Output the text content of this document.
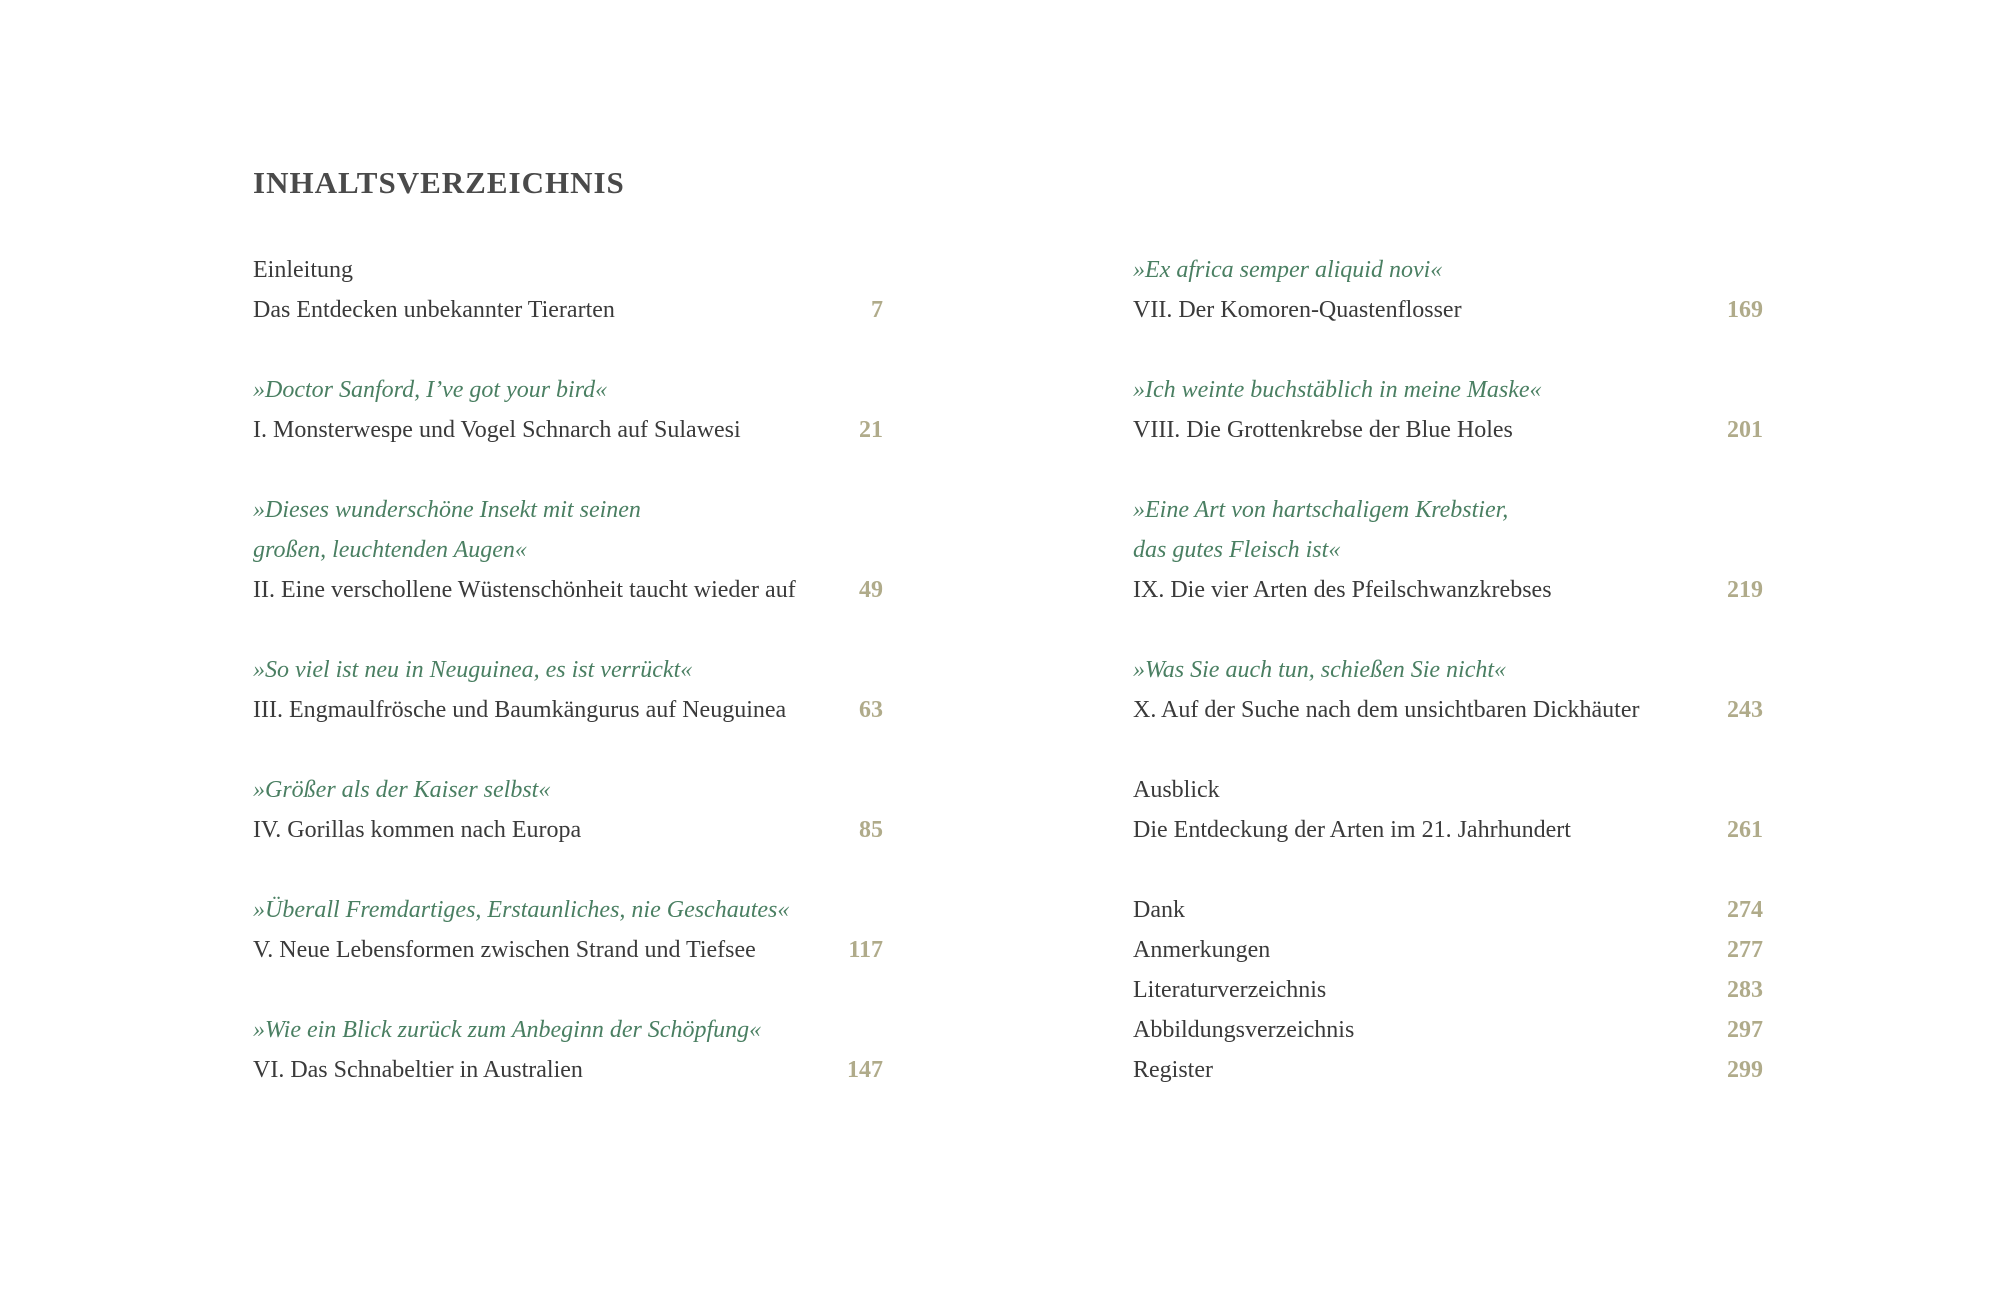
INHALTSVERZEICHNIS
Einleitung
Das Entdecken unbekannter Tierarten	7
»Doctor Sanford, I’ve got your bird«
I. Monsterwespe und Vogel Schnarch auf Sulawesi	21
»Dieses wunderschöne Insekt mit seinen
großen, leuchtenden Augen«
II. Eine verschollene Wüstenschönheit taucht wieder auf	49
»So viel ist neu in Neuguinea, es ist verrückt«
III. Engmaulfrösche und Baumkängurus auf Neuguinea	63
»Größer als der Kaiser selbst«
IV. Gorillas kommen nach Europa	85
»Überall Fremdartiges, Erstaunliches, nie Geschautes«
V. Neue Lebensformen zwischen Strand und Tiefsee	117
»Wie ein Blick zurück zum Anbeginn der Schöpfung«
VI. Das Schnabeltier in Australien	147
»Ex africa semper aliquid novi«
VII. Der Komoren-Quastenflosser	169
»Ich weinte buchstäblich in meine Maske«
VIII. Die Grottenkrebse der Blue Holes	201
»Eine Art von hartschaligem Krebstier,
das gutes Fleisch ist«
IX. Die vier Arten des Pfeilschwanzkrebses	219
»Was Sie auch tun, schießen Sie nicht«
X. Auf der Suche nach dem unsichtbaren Dickhäuter	243
Ausblick
Die Entdeckung der Arten im 21. Jahrhundert	261
Dank	274
Anmerkungen	277
Literaturverzeichnis	283
Abbildungsverzeichnis	297
Register	299
